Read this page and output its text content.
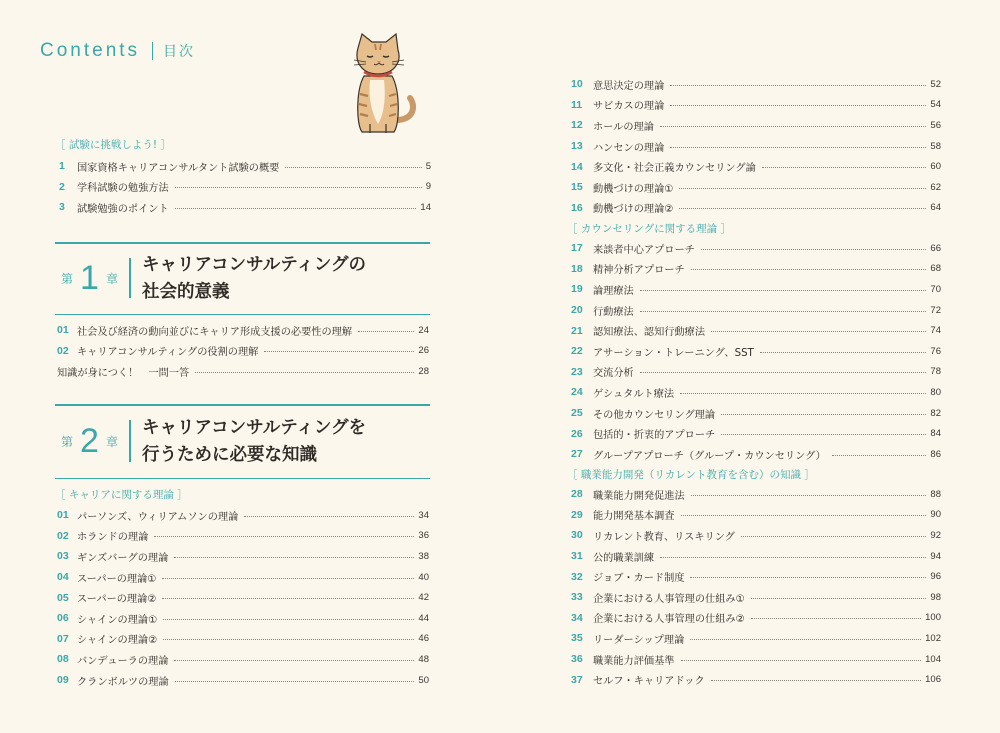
Contents 目次
［ 試験に挑戦しよう! ］
1	国家資格キャリアコンサルタント試験の概要	5
2	学科試験の勉強方法	9
3	試験勉強のポイント	14
第 1 章
キャリアコンサルティングの
社会的意義
01 社会及び経済の動向並びにキャリア形成支援の必要性の理解	24
02 キャリアコンサルティングの役割の理解	26
知識が身につく！　一問一答	28
第 2 章
キャリアコンサルティングを
行うために必要な知識
［ キャリアに関する理論 ］
01 パーソンズ、ウィリアムソンの理論	34
02 ホランドの理論	36
03 ギンズバーグの理論	38
04 スーパーの理論①	40
05 スーパーの理論②	42
06 シャインの理論①	44
07 シャインの理論②	46
08 バンデューラの理論	48
09 クランボルツの理論	50
10	意思決定の理論	52
11	サビカスの理論	54
12	ホールの理論	56
13	ハンセンの理論	58
14	多文化・社会正義カウンセリング論	60
15	動機づけの理論①	62
16	動機づけの理論②	64
［ カウンセリングに関する理論 ］
17	来談者中心アプローチ	66
18	精神分析アプローチ	68
19	論理療法	70
20	行動療法	72
21	認知療法、認知行動療法	74
22	アサーション・トレーニング、SST	76
23	交流分析	78
24	ゲシュタルト療法	80
25	その他カウンセリング理論	82
26	包括的・折衷的アプローチ	84
27	グループアプローチ（グループ・カウンセリング）	86
［ 職業能力開発（リカレント教育を含む）の知識 ］
28	職業能力開発促進法	88
29	能力開発基本調査	90
30	リカレント教育、リスキリング	92
31	公的職業訓練	94
32	ジョブ・カード制度	96
33	企業における人事管理の仕組み①	98
34	企業における人事管理の仕組み②	100
35	リーダーシップ理論	102
36	職業能力評価基準	104
37	セルフ・キャリアドック	106
